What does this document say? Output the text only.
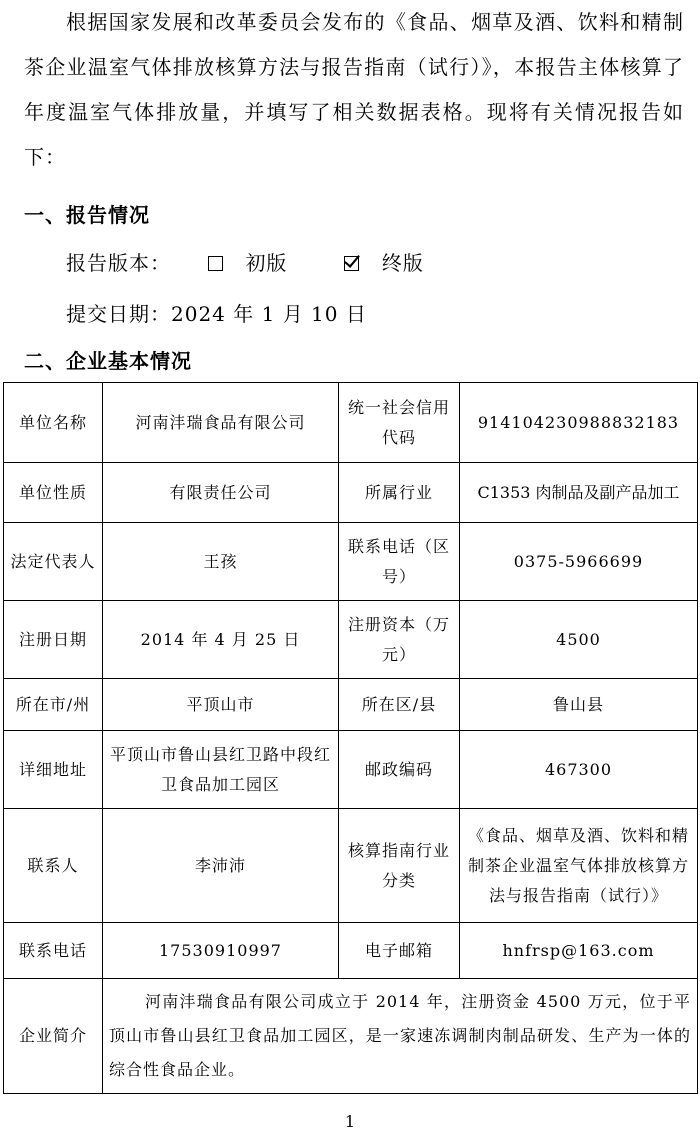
根据国家发展和改革委员会发布的《食品、烟草及酒、饮料和精制茶企业温室气体排放核算方法与报告指南（试行）》，本报告主体核算了年度温室气体排放量，并填写了相关数据表格。现将有关情况报告如下：
一、报告情况
报告版本：	初版	终版
提交日期：2024 年 1 月 10 日
二、企业基本情况
单位名称	河南沣瑞食品有限公司	统一社会信用代码	914104230988832183
单位性质	有限责任公司	所属行业	C1353 肉制品及副产品加工
法定代表人	王孩	联系电话（区号）	0375-5966699
注册日期	2014 年 4 月 25 日	注册资本（万元）	4500
所在市/州	平顶山市	所在区/县	鲁山县
详细地址	平顶山市鲁山县红卫路中段红卫食品加工园区	邮政编码	467300
联系人	李沛沛	核算指南行业分类	《食品、烟草及酒、饮料和精制茶企业温室气体排放核算方法与报告指南（试行）》
联系电话	17530910997	电子邮箱	hnfrsp@163.com
企业简介	河南沣瑞食品有限公司成立于 2014 年，注册资金 4500 万元，位于平顶山市鲁山县红卫食品加工园区，是一家速冻调制肉制品研发、生产为一体的综合性食品企业。		
1
